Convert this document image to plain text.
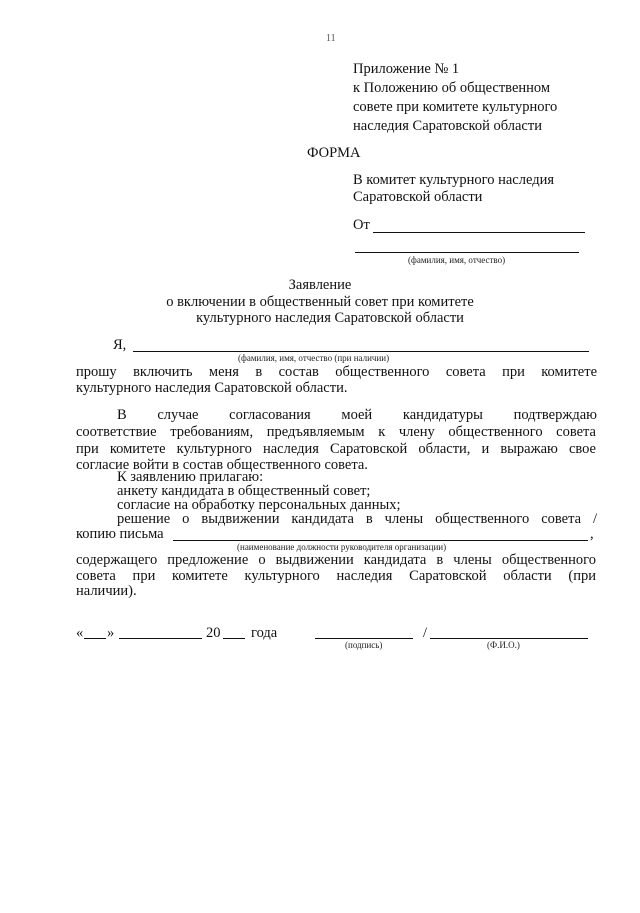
11
Приложение № 1
к Положению об общественном
совете при комитете культурного
наследия Саратовской области
ФОРМА
В комитет культурного наследия
Саратовской области
От
(фамилия, имя, отчество)
Заявление
о включении в общественный совет при комитете
культурного наследия Саратовской области
Я,
(фамилия, имя, отчество (при наличии)
прошу включить меня в состав общественного совета при комитете
культурного наследия Саратовской области.
В случае согласования моей кандидатуры подтверждаю
соответствие требованиям, предъявляемым к члену общественного совета
при комитете культурного наследия Саратовской области, и выражаю свое
согласие войти в состав общественного совета.
К заявлению прилагаю:
анкету кандидата в общественный совет;
согласие на обработку персональных данных;
решение о выдвижении кандидата в члены общественного совета /
копию письма	,
(наименование должности руководителя организации)
содержащего предложение о выдвижении кандидата в члены общественного
совета при комитете культурного наследия Саратовской области (при
наличии).
« »	20 года
(подпись)
/
(Ф.И.О.)
